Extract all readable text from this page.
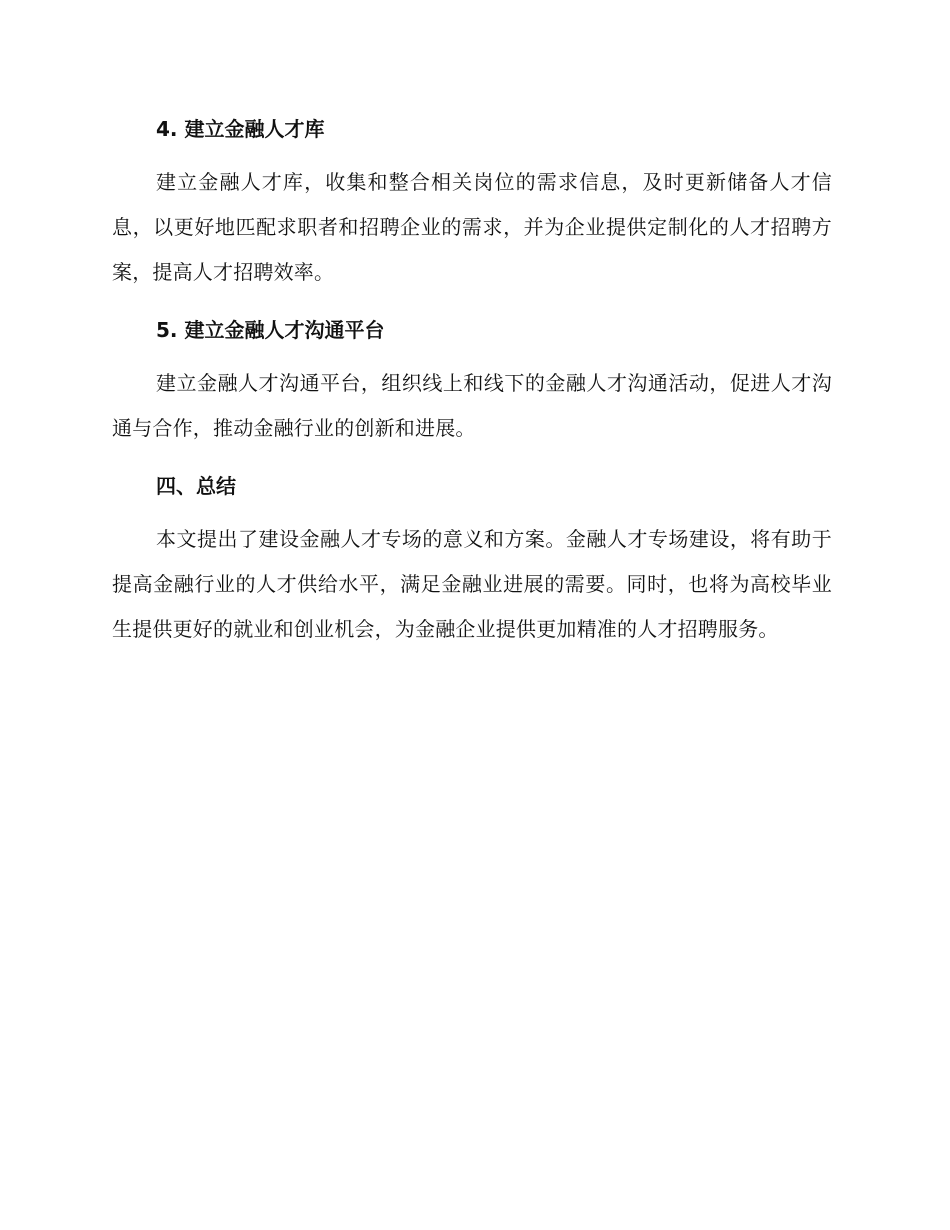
4. 建立金融人才库

建立金融人才库，收集和整合相关岗位的需求信息，及时更新储备人才信息，以更好地匹配求职者和招聘企业的需求，并为企业提供定制化的人才招聘方案，提高人才招聘效率。

5. 建立金融人才沟通平台

建立金融人才沟通平台，组织线上和线下的金融人才沟通活动，促进人才沟通与合作，推动金融行业的创新和进展。

四、总结

本文提出了建设金融人才专场的意义和方案。金融人才专场建设，将有助于提高金融行业的人才供给水平，满足金融业进展的需要。同时，也将为高校毕业生提供更好的就业和创业机会，为金融企业提供更加精准的人才招聘服务。
